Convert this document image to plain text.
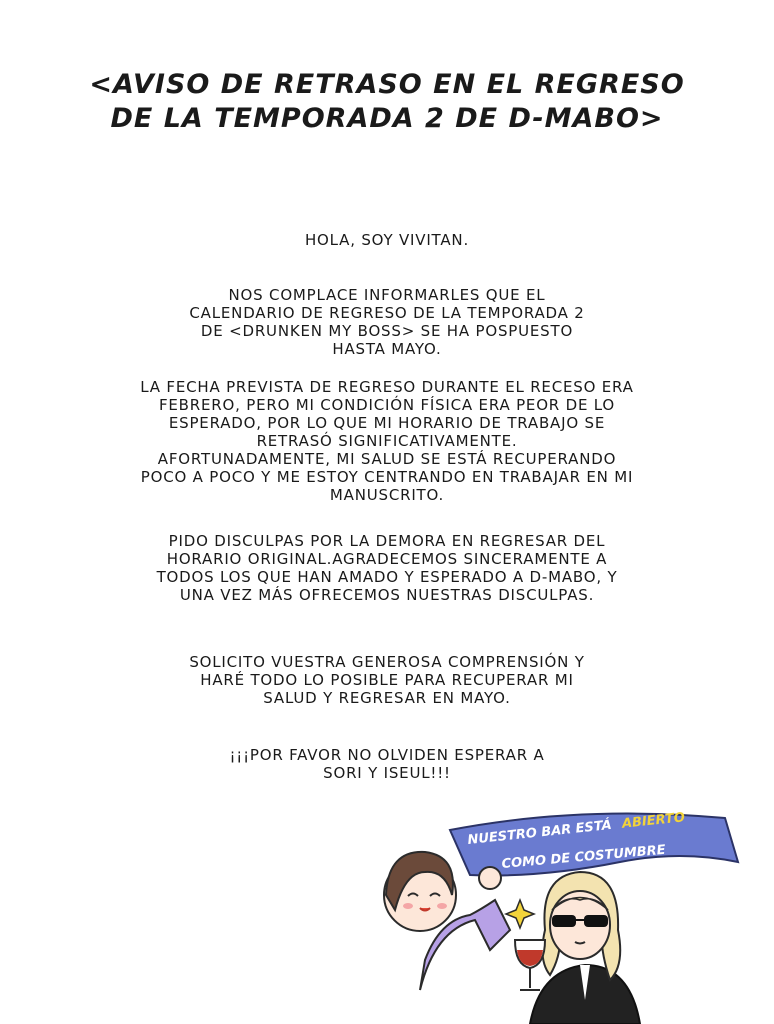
<AVISO DE RETRASO EN EL REGRESO
DE LA TEMPORADA 2 DE D-MABO>

HOLA, SOY VIVITAN.

NOS COMPLACE INFORMARLES QUE EL
CALENDARIO DE REGRESO DE LA TEMPORADA 2
DE <DRUNKEN MY BOSS> SE HA POSPUESTO
HASTA MAYO.

LA FECHA PREVISTA DE REGRESO DURANTE EL RECESO ERA
FEBRERO, PERO MI CONDICIÓN FÍSICA ERA PEOR DE LO
ESPERADO, POR LO QUE MI HORARIO DE TRABAJO SE
RETRASÓ SIGNIFICATIVAMENTE.
AFORTUNADAMENTE, MI SALUD SE ESTÁ RECUPERANDO
POCO A POCO Y ME ESTOY CENTRANDO EN TRABAJAR EN MI
MANUSCRITO.

PIDO DISCULPAS POR LA DEMORA EN REGRESAR DEL
HORARIO ORIGINAL.AGRADECEMOS SINCERAMENTE A
TODOS LOS QUE HAN AMADO Y ESPERADO A D-MABO, Y
UNA VEZ MÁS OFRECEMOS NUESTRAS DISCULPAS.

SOLICITO VUESTRA GENEROSA COMPRENSIÓN Y
HARÉ TODO LO POSIBLE PARA RECUPERAR MI
SALUD Y REGRESAR EN MAYO.

¡¡¡POR FAVOR NO OLVIDEN ESPERAR A
SORI Y ISEUL!!!

NUESTRO BAR ESTÁ ABIERTO
COMO DE COSTUMBRE
